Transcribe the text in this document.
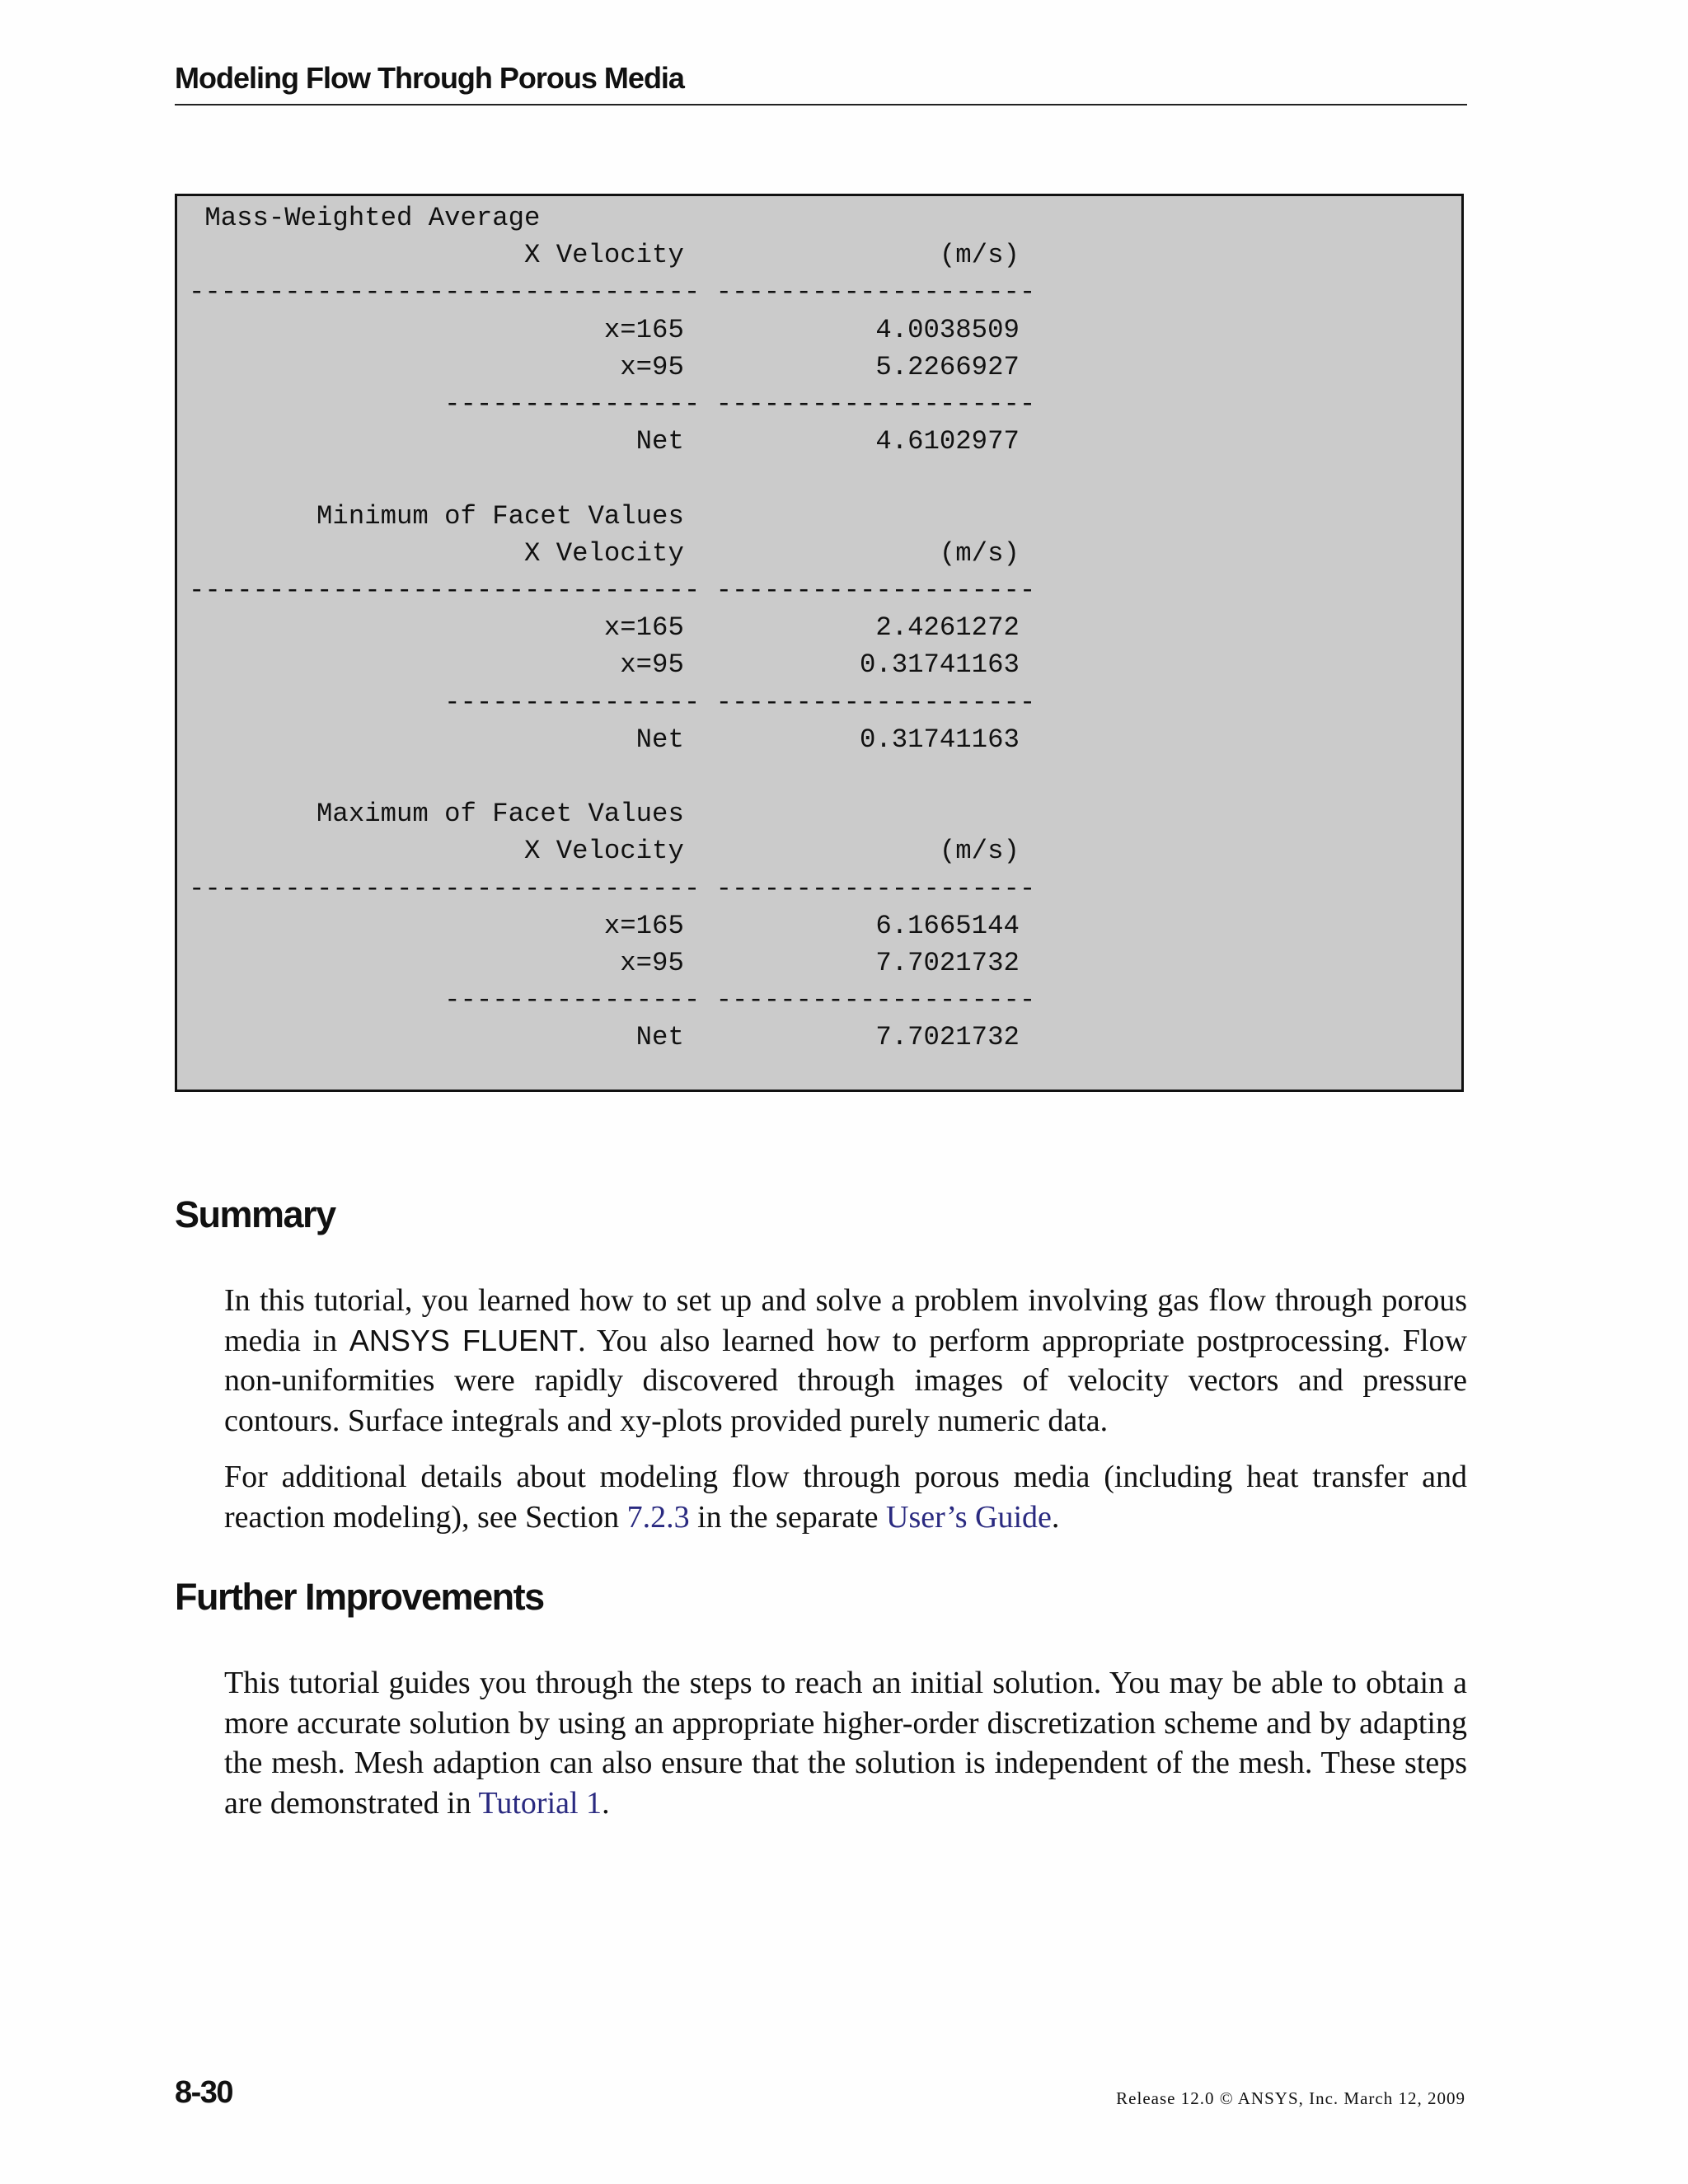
Modeling Flow Through Porous Media
Mass-Weighted Average
X Velocity                (m/s)
-------------------------------- --------------------
x=165            4.0038509
x=95            5.2266927
---------------- --------------------
Net            4.6102977

Minimum of Facet Values
X Velocity                (m/s)
-------------------------------- --------------------
x=165            2.4261272
x=95           0.31741163
---------------- --------------------
Net           0.31741163

Maximum of Facet Values
X Velocity                (m/s)
-------------------------------- --------------------
x=165            6.1665144
x=95            7.7021732
---------------- --------------------
Net            7.7021732
Summary

In this tutorial, you learned how to set up and solve a problem involving gas flow through porous media in ANSYS FLUENT. You also learned how to perform appropriate postprocessing. Flow non-uniformities were rapidly discovered through images of velocity vectors and pressure contours. Surface integrals and xy-plots provided purely numeric data.

For additional details about modeling flow through porous media (including heat transfer and reaction modeling), see Section 7.2.3 in the separate User’s Guide.

Further Improvements

This tutorial guides you through the steps to reach an initial solution. You may be able to obtain a more accurate solution by using an appropriate higher-order discretization scheme and by adapting the mesh. Mesh adaption can also ensure that the solution is independent of the mesh. These steps are demonstrated in Tutorial 1.

8-30	Release 12.0 © ANSYS, Inc. March 12, 2009
